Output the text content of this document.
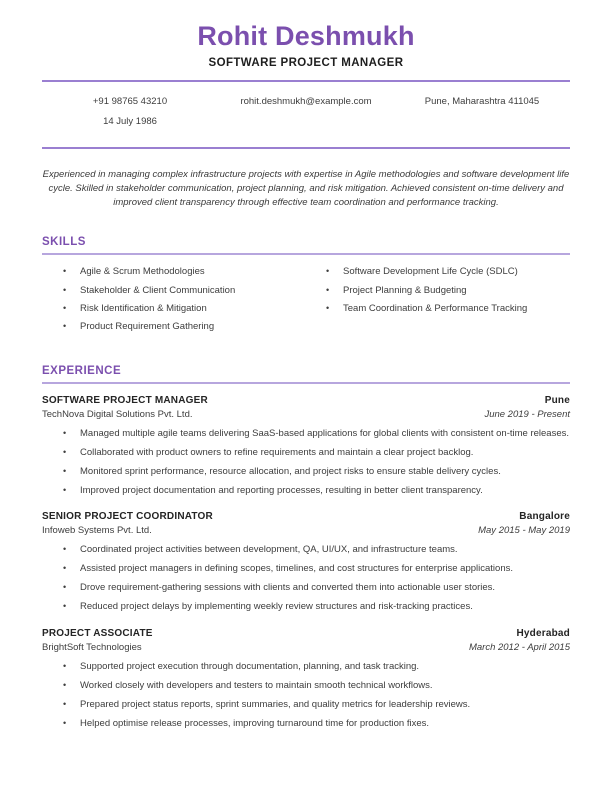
Rohit Deshmukh
SOFTWARE PROJECT MANAGER
+91 98765 43210
14 July 1986
rohit.deshmukh@example.com	Pune, Maharashtra 411045
Experienced in managing complex infrastructure projects with expertise in Agile methodologies and software development life cycle. Skilled in stakeholder communication, project planning, and risk mitigation. Achieved consistent on-time delivery and improved client transparency through effective team coordination and performance tracking.
SKILLS
•	Agile & Scrum Methodologies
•	Stakeholder & Client Communication
•	Risk Identification & Mitigation
•	Product Requirement Gathering
•	Software Development Life Cycle (SDLC)
•	Project Planning & Budgeting
•	Team Coordination & Performance Tracking
EXPERIENCE
SOFTWARE PROJECT MANAGER	Pune
TechNova Digital Solutions Pvt. Ltd.	June 2019 - Present
•	Managed multiple agile teams delivering SaaS-based applications for global clients with consistent on-time releases.
•	Collaborated with product owners to refine requirements and maintain a clear project backlog.
•	Monitored sprint performance, resource allocation, and project risks to ensure stable delivery cycles.
•	Improved project documentation and reporting processes, resulting in better client transparency.
SENIOR PROJECT COORDINATOR	Bangalore
Infoweb Systems Pvt. Ltd.	May 2015 - May 2019
•	Coordinated project activities between development, QA, UI/UX, and infrastructure teams.
•	Assisted project managers in defining scopes, timelines, and cost structures for enterprise applications.
•	Drove requirement-gathering sessions with clients and converted them into actionable user stories.
•	Reduced project delays by implementing weekly review structures and risk-tracking practices.
PROJECT ASSOCIATE	Hyderabad
BrightSoft Technologies	March 2012 - April 2015
•	Supported project execution through documentation, planning, and task tracking.
•	Worked closely with developers and testers to maintain smooth technical workflows.
•	Prepared project status reports, sprint summaries, and quality metrics for leadership reviews.
•	Helped optimise release processes, improving turnaround time for production fixes.
